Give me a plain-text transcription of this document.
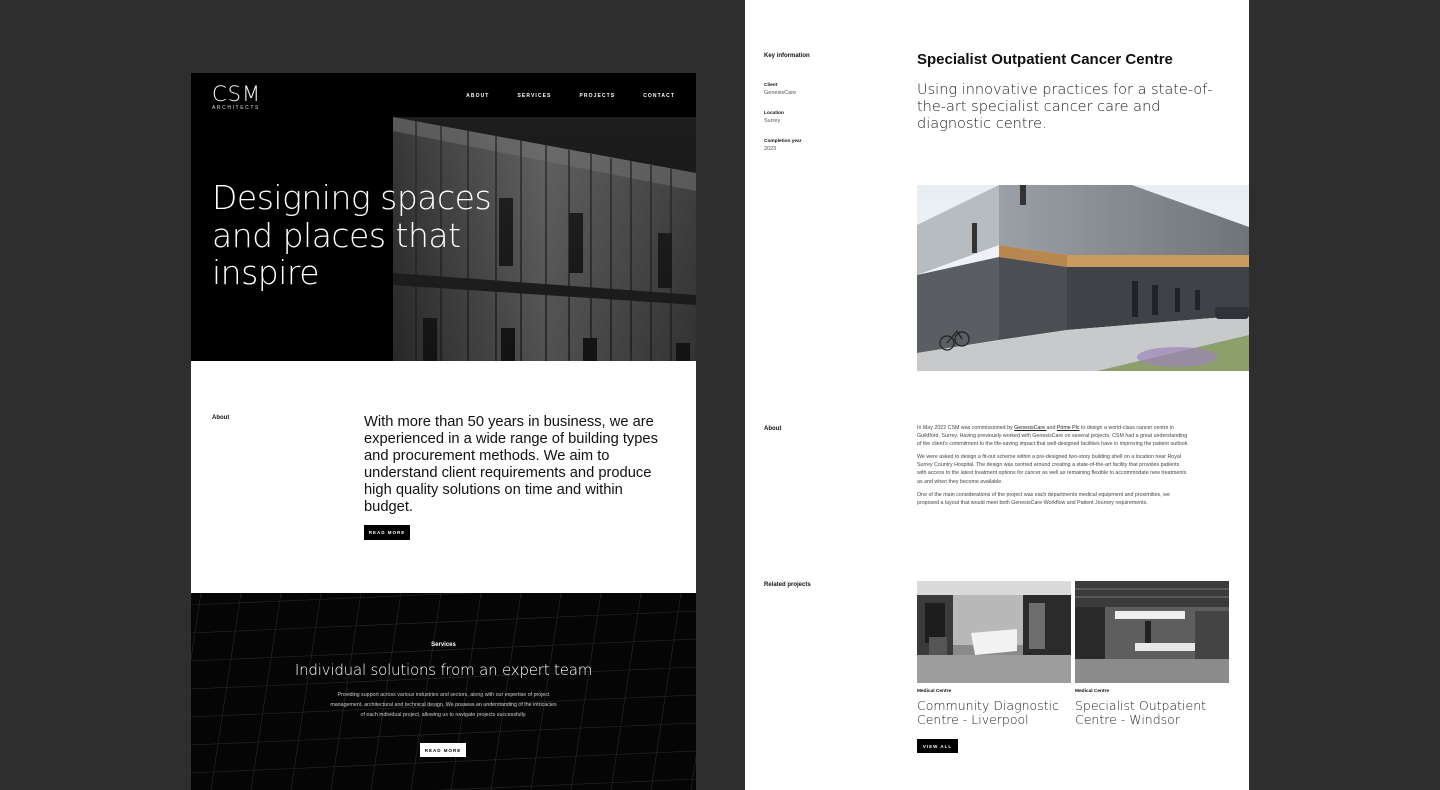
CSM
ARCHITECTS
ABOUT	SERVICES	PROJECTS	CONTACT
Designing spaces and places that inspire
About	With more than 50 years in business, we are experienced in a wide range of building types and procurement methods. We aim to understand client requirements and produce high quality solutions on time and within budget.
READ MORE
Services
Individual solutions from an expert team
Providing support across various industries and sectors, along with our expertise of project management, architectural and technical design. We possess an understanding of the intricacies of each individual project, allowing us to navigate projects successfully.
READ MORE
Key information
Client
GenesisCare
Location
Surrey
Completion year
2023
Specialist Outpatient Cancer Centre
Using innovative practices for a state-of-the-art specialist cancer care and diagnostic centre.
About	In May 2022 CSM was commissioned by GenesisCare and Prime Plc to design a world-class cancer centre in Guildford, Surrey. Having previously worked with GenesisCare on several projects, CSM had a great understanding of the client's commitment to the life-saving impact that well-designed facilities have in improving the patient outlook.

We were asked to design a fit-out scheme within a pre-designed two-story building shell on a location near Royal Surrey Country Hospital. The design was centred around creating a state-of-the-art facility that provides patients with access to the latest treatment options for cancer as well as remaining flexible to accommodate new treatments as and when they become available.

One of the main considerations of the project was each departments medical equipment and proximities, we proposed a layout that would meet both GenesisCare Workflow and Patient Journey requirements.

Related projects
Medical Centre
Community Diagnostic Centre - Liverpool
Medical Centre
Specialist Outpatient Centre - Windsor
VIEW ALL
